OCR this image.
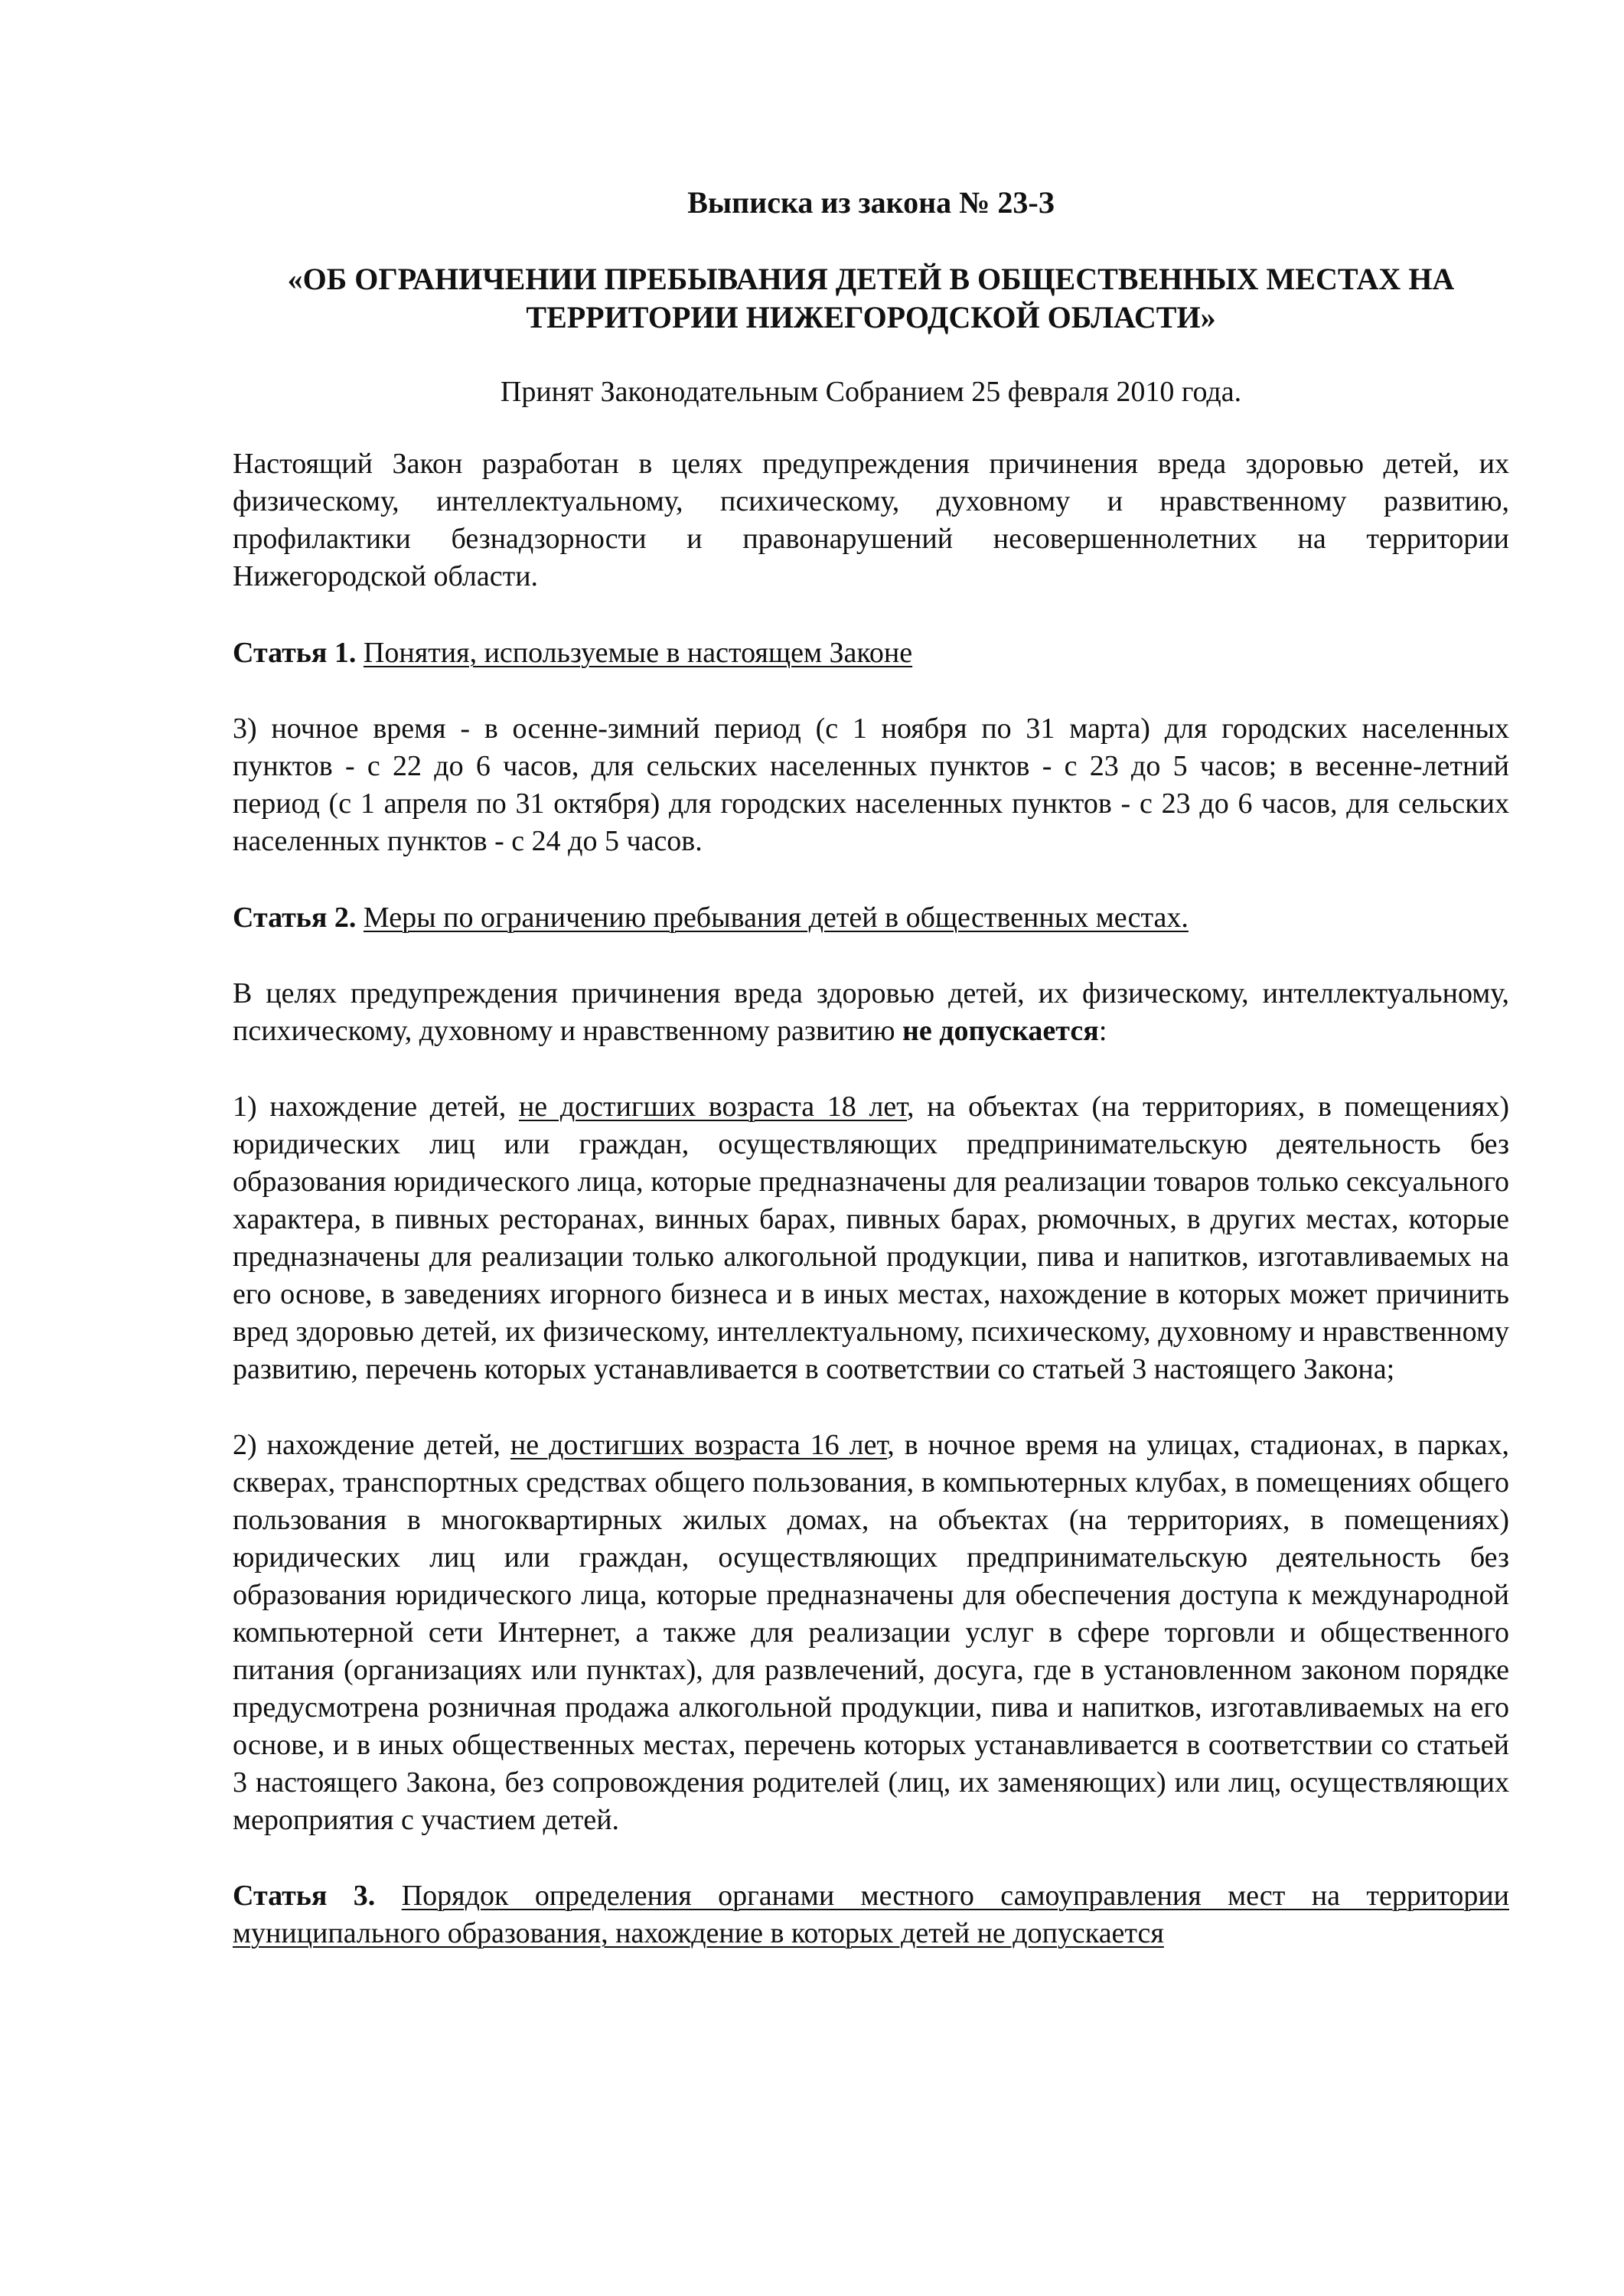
Выписка из закона № 23-З

«ОБ ОГРАНИЧЕНИИ ПРЕБЫВАНИЯ ДЕТЕЙ В ОБЩЕСТВЕННЫХ МЕСТАХ НА ТЕРРИТОРИИ НИЖЕГОРОДСКОЙ ОБЛАСТИ»

Принят Законодательным Собранием 25 февраля 2010 года.

Настоящий Закон разработан в целях предупреждения причинения вреда здоровью детей, их физическому, интеллектуальному, психическому, духовному и нравственному развитию, профилактики безнадзорности и правонарушений несовершеннолетних на территории Нижегородской области.

Статья 1. Понятия, используемые в настоящем Законе

3) ночное время - в осенне-зимний период (с 1 ноября по 31 марта) для городских населенных пунктов - с 22 до 6 часов, для сельских населенных пунктов - с 23 до 5 часов; в весенне-летний период (с 1 апреля по 31 октября) для городских населенных пунктов - с 23 до 6 часов, для сельских населенных пунктов - с 24 до 5 часов.

Статья 2. Меры по ограничению пребывания детей в общественных местах.

В целях предупреждения причинения вреда здоровью детей, их физическому, интеллектуальному, психическому, духовному и нравственному развитию не допускается:

1) нахождение детей, не достигших возраста 18 лет, на объектах (на территориях, в помещениях) юридических лиц или граждан, осуществляющих предпринимательскую деятельность без образования юридического лица, которые предназначены для реализации товаров только сексуального характера, в пивных ресторанах, винных барах, пивных барах, рюмочных, в других местах, которые предназначены для реализации только алкогольной продукции, пива и напитков, изготавливаемых на его основе, в заведениях игорного бизнеса и в иных местах, нахождение в которых может причинить вред здоровью детей, их физическому, интеллектуальному, психическому, духовному и нравственному развитию, перечень которых устанавливается в соответствии со статьей 3 настоящего Закона;

2) нахождение детей, не достигших возраста 16 лет, в ночное время на улицах, стадионах, в парках, скверах, транспортных средствах общего пользования, в компьютерных клубах, в помещениях общего пользования в многоквартирных жилых домах, на объектах (на территориях, в помещениях) юридических лиц или граждан, осуществляющих предпринимательскую деятельность без образования юридического лица, которые предназначены для обеспечения доступа к международной компьютерной сети Интернет, а также для реализации услуг в сфере торговли и общественного питания (организациях или пунктах), для развлечений, досуга, где в установленном законом порядке предусмотрена розничная продажа алкогольной продукции, пива и напитков, изготавливаемых на его основе, и в иных общественных местах, перечень которых устанавливается в соответствии со статьей 3 настоящего Закона, без сопровождения родителей (лиц, их заменяющих) или лиц, осуществляющих мероприятия с участием детей.

Статья 3. Порядок определения органами местного самоуправления мест на территории муниципального образования, нахождение в которых детей не допускается
